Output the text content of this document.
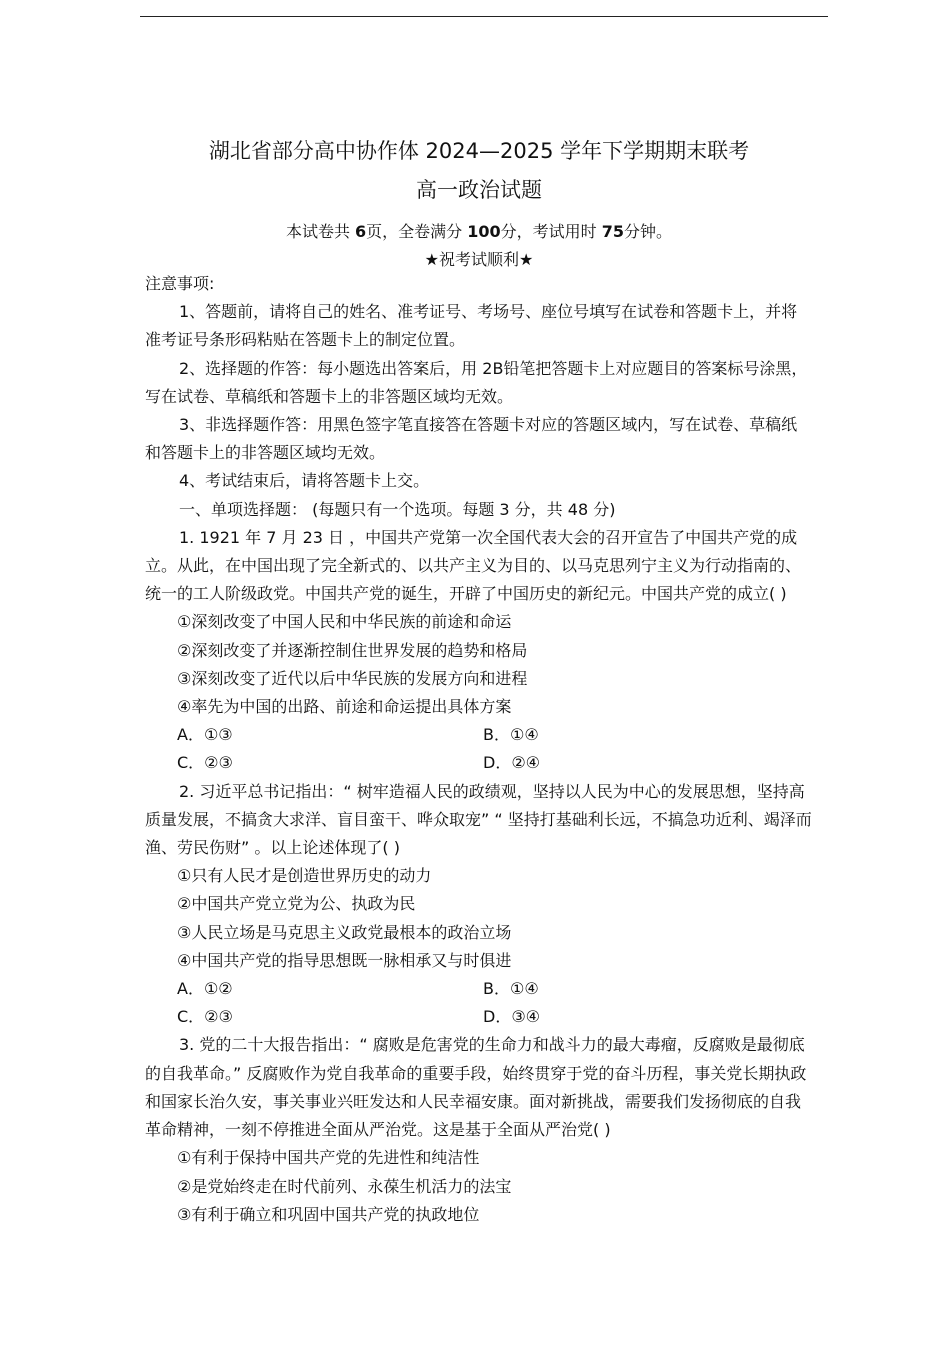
湖北省部分高中协作体 2024—2025 学年下学期期末联考
高一政治试题
本试卷共 6页，全卷满分 100分，考试用时 75分钟。
★祝考试顺利★

注意事项:

1、答题前，请将自己的姓名、准考证号、考场号、座位号填写在试卷和答题卡上，并将准考证号条形码粘贴在答题卡上的制定位置。

2、选择题的作答：每小题选出答案后，用 2B铅笔把答题卡上对应题目的答案标号涂黑，写在试卷、草稿纸和答题卡上的非答题区域均无效。

3、非选择题作答：用黑色签字笔直接答在答题卡对应的答题区域内，写在试卷、草稿纸和答题卡上的非答题区域均无效。

4、考试结束后，请将答题卡上交。

一、单项选择题： (每题只有一个选项。每题 3 分，共 48 分)

1. 1921 年 7 月 23 日 ，中国共产党第一次全国代表大会的召开宣告了中国共产党的成立。从此，在中国出现了完全新式的、以共产主义为目的、以马克思列宁主义为行动指南的、统一的工人阶级政党。中国共产党的诞生，开辟了中国历史的新纪元。中国共产党的成立( )

①深刻改变了中国人民和中华民族的前途和命运

②深刻改变了并逐渐控制住世界发展的趋势和格局

③深刻改变了近代以后中华民族的发展方向和进程

④率先为中国的出路、前途和命运提出具体方案

A．①③	B．①④
C．②③	D．②④

2. 习近平总书记指出：“ 树牢造福人民的政绩观，坚持以人民为中心的发展思想，坚持高质量发展，不搞贪大求洋、盲目蛮干、哗众取宠” “ 坚持打基础利长远，不搞急功近利、竭泽而渔、劳民伤财” 。以上论述体现了( )

①只有人民才是创造世界历史的动力

②中国共产党立党为公、执政为民

③人民立场是马克思主义政党最根本的政治立场

④中国共产党的指导思想既一脉相承又与时俱进

A．①②	B．①④
C．②③	D．③④

3. 党的二十大报告指出：“ 腐败是危害党的生命力和战斗力的最大毒瘤，反腐败是最彻底的自我革命。” 反腐败作为党自我革命的重要手段，始终贯穿于党的奋斗历程，事关党长期执政和国家长治久安，事关事业兴旺发达和人民幸福安康。面对新挑战，需要我们发扬彻底的自我革命精神，一刻不停推进全面从严治党。这是基于全面从严治党( )

①有利于保持中国共产党的先进性和纯洁性

②是党始终走在时代前列、永葆生机活力的法宝

③有利于确立和巩固中国共产党的执政地位
